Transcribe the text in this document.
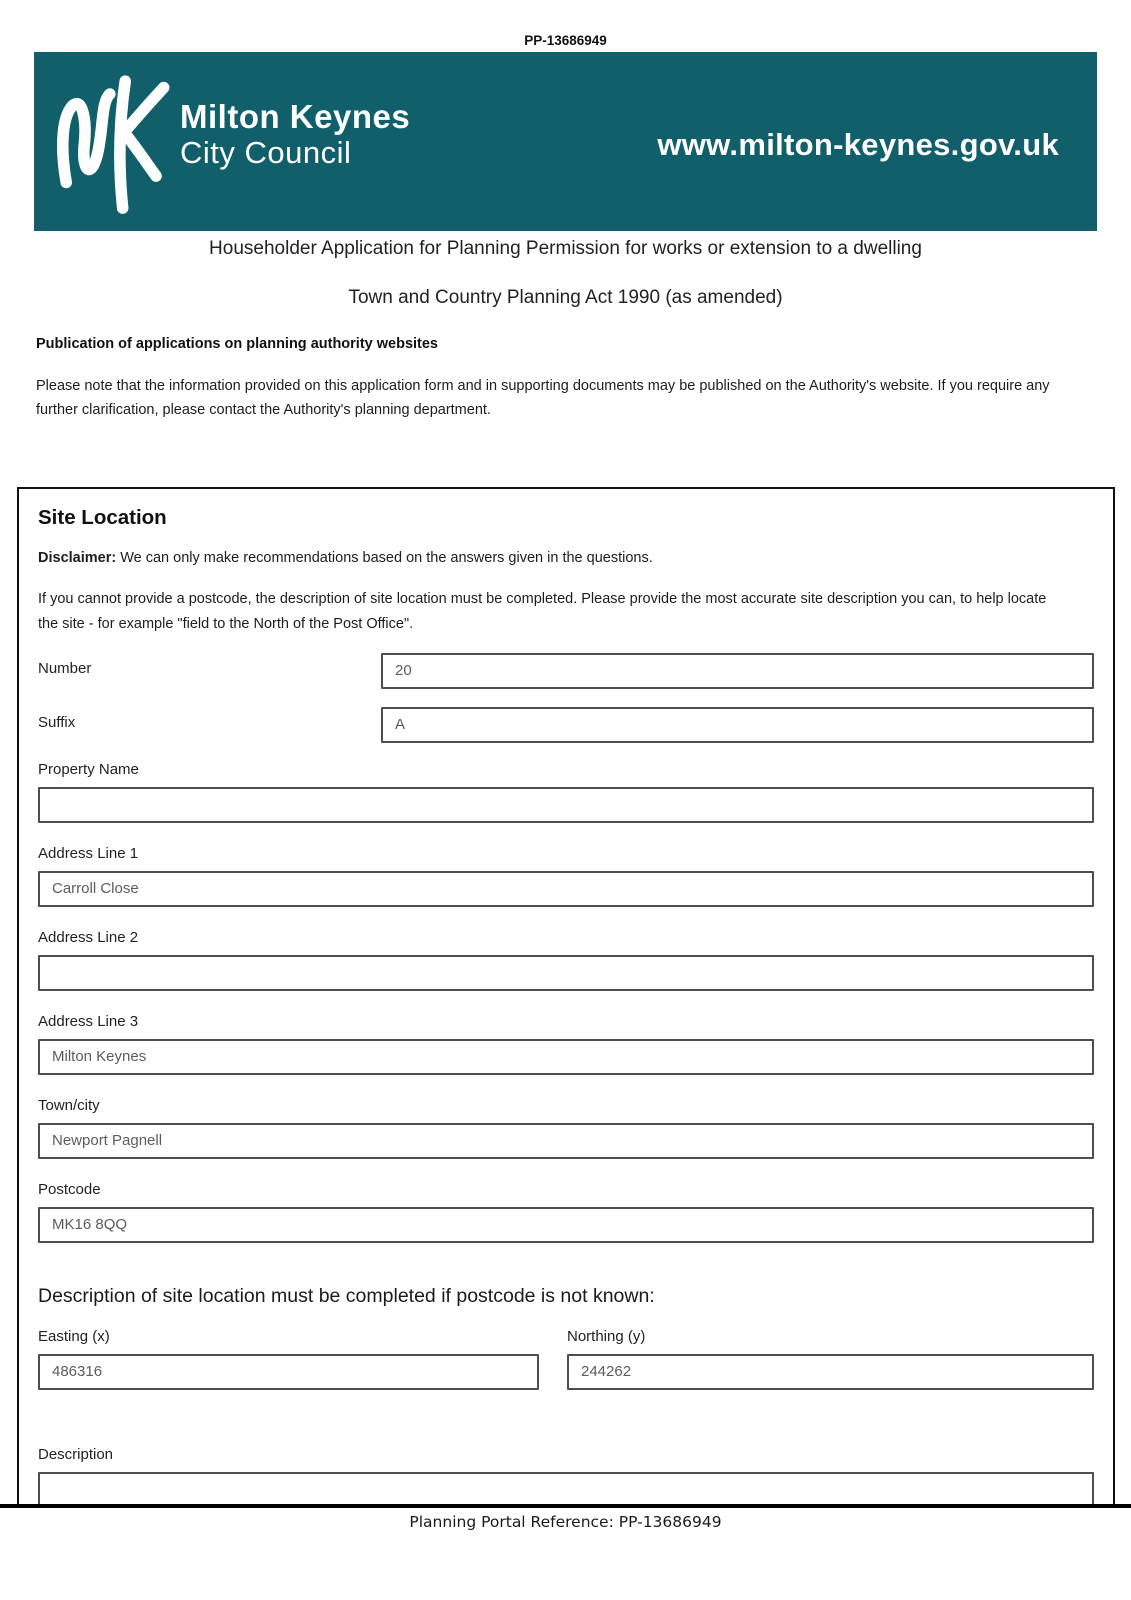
PP-13686949
Milton Keynes
City Council	www.milton-keynes.gov.uk
Householder Application for Planning Permission for works or extension to a dwelling
Town and Country Planning Act 1990 (as amended)
Publication of applications on planning authority websites
Please note that the information provided on this application form and in supporting documents may be published on the Authority's website. If you require any further clarification, please contact the Authority's planning department.
Site Location
Disclaimer: We can only make recommendations based on the answers given in the questions.
If you cannot provide a postcode, the description of site location must be completed. Please provide the most accurate site description you can, to help locate the site - for example "field to the North of the Post Office".
Number
20
Suffix
A
Property Name
Address Line 1
Carroll Close
Address Line 2
Address Line 3
Milton Keynes
Town/city
Newport Pagnell
Postcode
MK16 8QQ
Description of site location must be completed if postcode is not known:
Easting (x)
486316	Northing (y)
244262
Description
Planning Portal Reference: PP-13686949
